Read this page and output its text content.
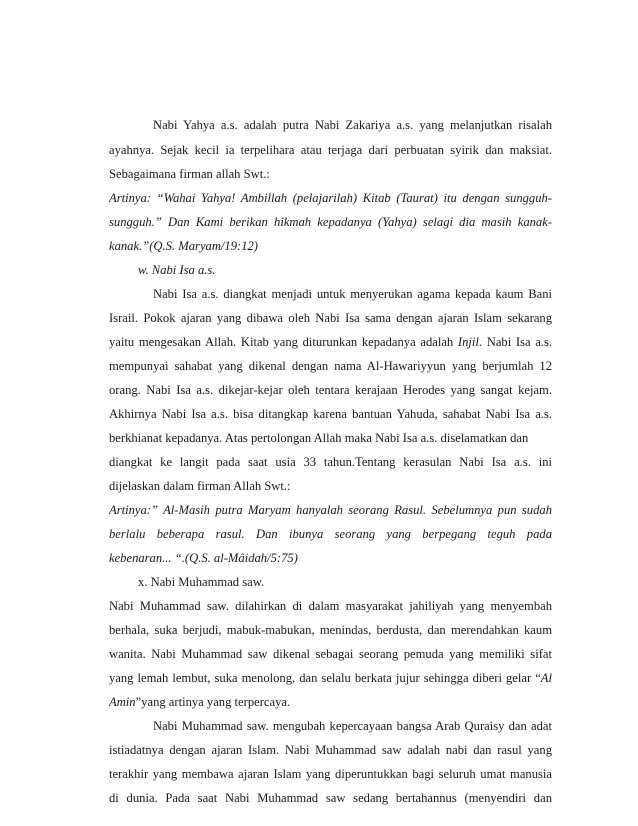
Nabi Yahya a.s. adalah putra Nabi Zakariya a.s. yang melanjutkan risalah
ayahnya. Sejak kecil ia terpelihara atau terjaga dari perbuatan syirik dan maksiat.
Sebagaimana firman allah Swt.:
Artinya: “Wahai Yahya! Ambillah (pelajarilah) Kitab (Taurat) itu dengan sungguh-
sungguh.” Dan Kami berikan hikmah kepadanya (Yahya) selagi dia masih kanak-
kanak.”(Q.S. Maryam/19:12)
w. Nabi Isa a.s.
Nabi Isa a.s. diangkat menjadi untuk menyerukan agama kepada kaum Bani
Israil. Pokok ajaran yang dibawa oleh Nabi Isa sama dengan ajaran Islam sekarang
yaitu mengesakan Allah. Kitab yang diturunkan kepadanya adalah Injil. Nabi Isa a.s.
mempunyai sahabat yang dikenal dengan nama Al-Hawariyyun yang berjumlah 12
orang. Nabi Isa a.s. dikejar-kejar oleh tentara kerajaan Herodes yang sangat kejam.
Akhirnya Nabi Isa a.s. bisa ditangkap karena bantuan Yahuda, sahabat Nabi Isa a.s.
berkhianat kepadanya. Atas pertolongan Allah maka Nabi Isa a.s. diselamatkan dan
diangkat ke langit pada saat usia 33 tahun.Tentang kerasulan Nabi Isa a.s. ini
dijelaskan dalam firman Allah Swt.:
Artinya:” Al-Masih putra Maryam hanyalah seorang Rasul. Sebelumnya pun sudah
berlalu beberapa rasul. Dan ibunya seorang yang berpegang teguh pada
kebenaran... “.(Q.S. al-Mâidah/5:75)
x. Nabi Muhammad saw.
Nabi Muhammad saw. dilahirkan di dalam masyarakat jahiliyah yang menyembah
berhala, suka berjudi, mabuk-mabukan, menindas, berdusta, dan merendahkan kaum
wanita. Nabi Muhammad saw dikenal sebagai seorang pemuda yang memiliki sifat
yang lemah lembut, suka menolong, dan selalu berkata jujur sehingga diberi gelar “Al
Amin”yang artinya yang terpercaya.
Nabi Muhammad saw. mengubah kepercayaan bangsa Arab Quraisy dan adat
istiadatnya dengan ajaran Islam. Nabi Muhammad saw adalah nabi dan rasul yang
terakhir yang membawa ajaran Islam yang diperuntukkan bagi seluruh umat manusia
di dunia. Pada saat Nabi Muhammad saw sedang bertahannus (menyendiri dan
